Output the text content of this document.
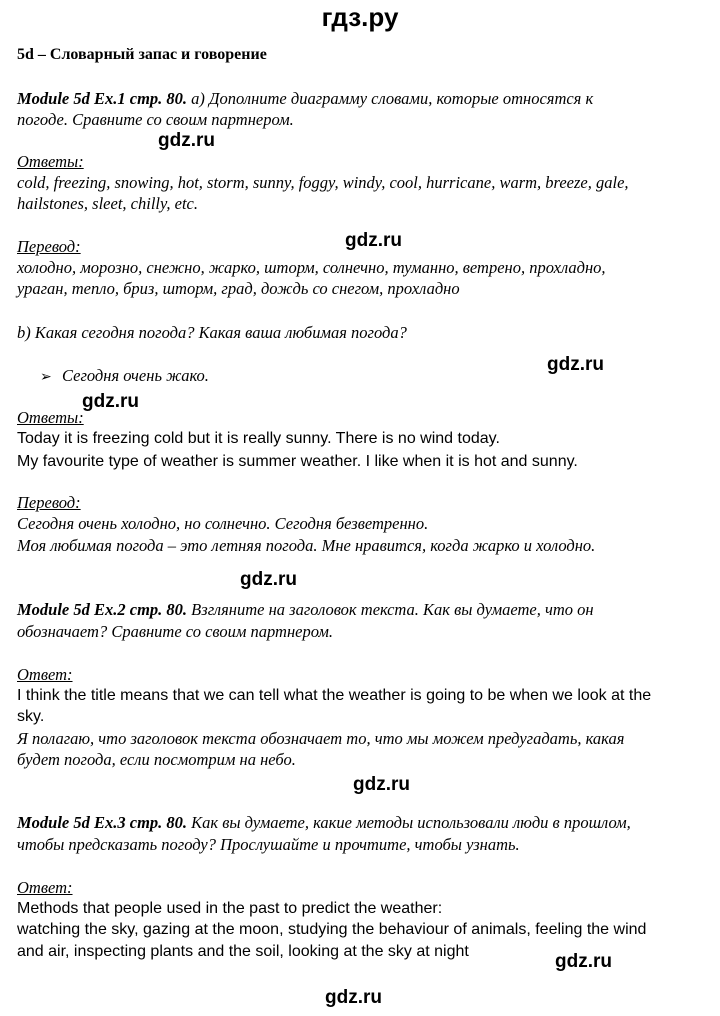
гдз.ру
5d – Словарный запас и говорение
Module 5d Ex.1 стр. 80. а) Дополните диаграмму словами, которые относятся к
погоде. Сравните со своим партнером.
gdz.ru
Ответы:
cold, freezing, snowing, hot, storm, sunny, foggy, windy, cool, hurricane, warm, breeze, gale,
hailstones, sleet, chilly, etc.
Перевод:	gdz.ru
холодно, морозно, снежно, жарко, шторм, солнечно, туманно, ветрено, прохладно,
ураган, тепло, бриз, шторм, град, дождь со снегом, прохладно
b) Какая сегодня погода? Какая ваша любимая погода?
➢ Сегодня очень жако.
gdz.ru
gdz.ru
Ответы:
Today it is freezing cold but it is really sunny. There is no wind today.
My favourite type of weather is summer weather. I like when it is hot and sunny.
Перевод:
Сегодня очень холодно, но солнечно. Сегодня безветренно.
Моя любимая погода – это летняя погода. Мне нравится, когда жарко и холодно.
gdz.ru
Module 5d Ex.2 стр. 80. Взгляните на заголовок текста. Как вы думаете, что он
обозначает? Сравните со своим партнером.
Ответ:
I think the title means that we can tell what the weather is going to be when we look at the
sky.
Я полагаю, что заголовок текста обозначает то, что мы можем предугадать, какая
будет погода, если посмотрим на небо.
gdz.ru
Module 5d Ex.3 стр. 80. Как вы думаете, какие методы использовали люди в прошлом,
чтобы предсказать погоду? Прослушайте и прочтите, чтобы узнать.
Ответ:
Methods that people used in the past to predict the weather:
watching the sky, gazing at the moon, studying the behaviour of animals, feeling the wind
and air, inspecting plants and the soil, looking at the sky at night	gdz.ru
gdz.ru
